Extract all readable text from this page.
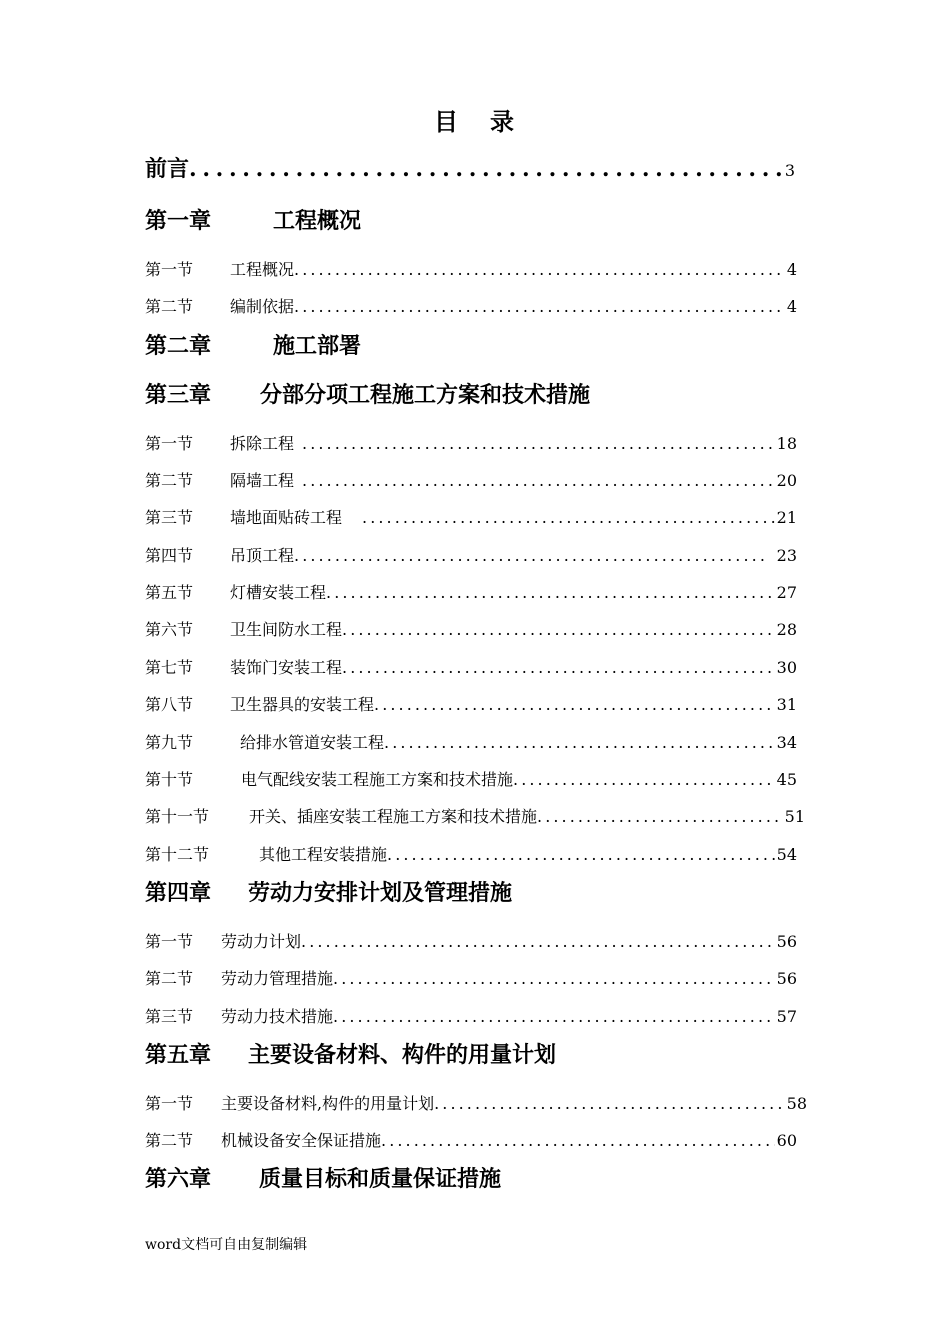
目 录
前言 . . .	3
第一章	工程概况
第一节	工程概况 . . .	4
第二节	编制依据 . . .	4
第二章	施工部署
第三章 分部分项工程施工方案和技术措施
第一节	拆除工程 . . .	18
第二节	隔墙工程 . . .	20
第三节	墙地面贴砖工程 . . .	21
第四节	吊顶工程 . . .	23
第五节	灯槽安装工程 . . .	27
第六节	卫生间防水工程 . . .	28
第七节	装饰门安装工程 . . .	30
第八节	卫生器具的安装工程 . . .	31
第九节	给排水管道安装工程 . . .	34
第十节	电气配线安装工程施工方案和技术措施 . . .	45
第十一节	开关、插座安装工程施工方案和技术措施 . . .	51
第十二节	其他工程安装措施 . . .	54
第四章 劳动力安排计划及管理措施
第一节	劳动力计划 . . .	56
第二节	劳动力管理措施 . . .	56
第三节	劳动力技术措施 . . .	57
第五章 主要设备材料、构件的用量计划
第一节	主要设备材料,构件的用量计划 . . .	58
第二节	机械设备安全保证措施 . . .	60
第六章 质量目标和质量保证措施
word文档可自由复制编辑
